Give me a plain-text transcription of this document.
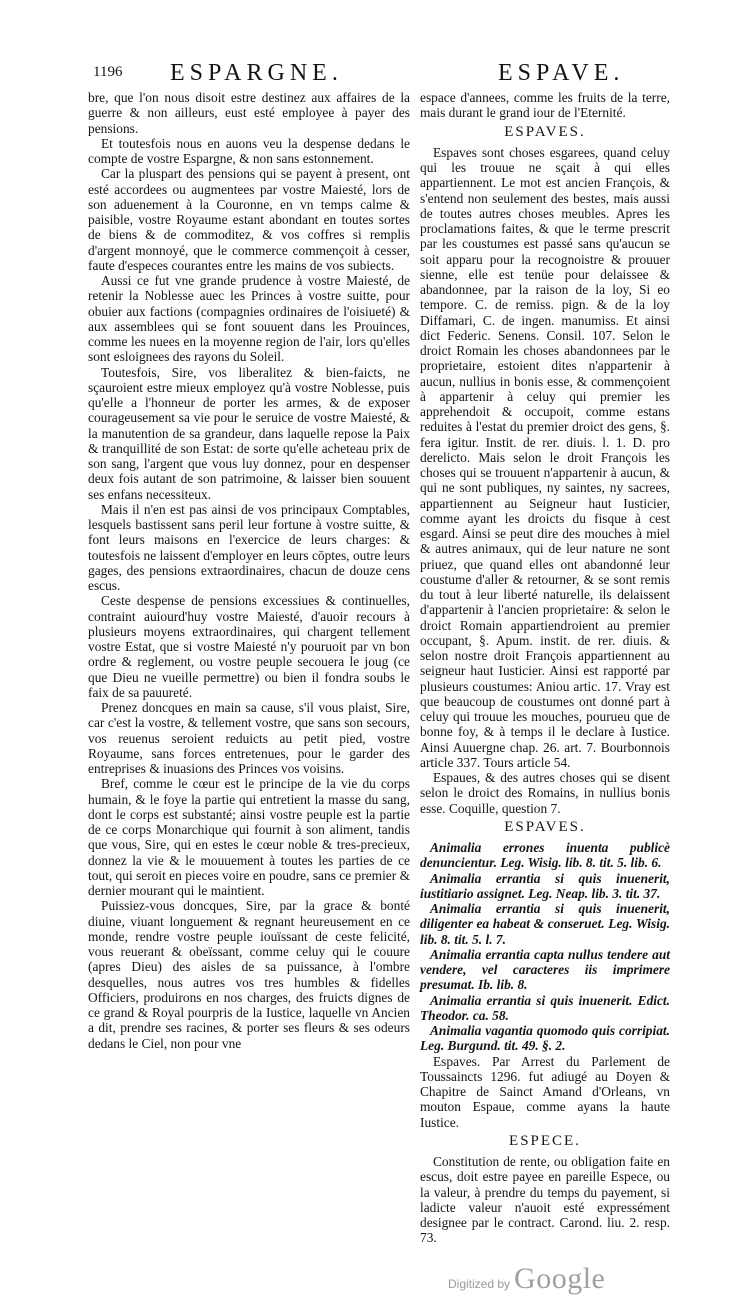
1196 ESPARGNE.	ESPAVE.

bre, que l'on nous disoit estre destinez aux affaires de la guerre & non ailleurs, eust esté employee à payer des pensions.

Et toutesfois nous en auons veu la despense dedans le compte de vostre Espargne, & non sans estonnement.

Car la pluspart des pensions qui se payent à present, ont esté accordees ou augmentees par vostre Maiesté, lors de son aduenement à la Couronne, en vn temps calme & paisible, vostre Royaume estant abondant en toutes sortes de biens & de commoditez, & vos coffres si remplis d'argent monnoyé, que le commerce commençoit à cesser, faute d'especes courantes entre les mains de vos subiects.

Aussi ce fut vne grande prudence à vostre Maiesté, de retenir la Noblesse auec les Princes à vostre suitte, pour obuier aux factions (compagnies ordinaires de l'oisiueté) & aux assemblees qui se font souuent dans les Prouinces, comme les nuees en la moyenne region de l'air, lors qu'elles sont esloignees des rayons du Soleil.

Toutesfois, Sire, vos liberalitez & bien-faicts, ne sçauroient estre mieux employez qu'à vostre Noblesse, puis qu'elle a l'honneur de porter les armes, & de exposer courageusement sa vie pour le seruice de vostre Maiesté, & la manutention de sa grandeur, dans laquelle repose la Paix & tranquillité de son Estat: de sorte qu'elle acheteau prix de son sang, l'argent que vous luy donnez, pour en despenser deux fois autant de son patrimoine, & laisser bien souuent ses enfans necessiteux.

Mais il n'en est pas ainsi de vos principaux Comptables, lesquels bastissent sans peril leur fortune à vostre suitte, & font leurs maisons en l'exercice de leurs charges: & toutesfois ne laissent d'employer en leurs cōptes, outre leurs gages, des pensions extraordinaires, chacun de douze cens escus.

Ceste despense de pensions excessiues & continuelles, contraint auiourd'huy vostre Maiesté, d'auoir recours à plusieurs moyens extraordinaires, qui chargent tellement vostre Estat, que si vostre Maiesté n'y pouruoit par vn bon ordre & reglement, ou vostre peuple secouera le joug (ce que Dieu ne vueille permettre) ou bien il fondra soubs le faix de sa pauureté.

Prenez doncques en main sa cause, s'il vous plaist, Sire, car c'est la vostre, & tellement vostre, que sans son secours, vos reuenus seroient reduicts au petit pied, vostre Royaume, sans forces entretenues, pour le garder des entreprises & inuasions des Princes vos voisins.

Bref, comme le cœur est le principe de la vie du corps humain, & le foye la partie qui entretient la masse du sang, dont le corps est substanté; ainsi vostre peuple est la partie de ce corps Monarchique qui fournit à son aliment, tandis que vous, Sire, qui en estes le cœur noble & tres-precieux, donnez la vie & le mouuement à toutes les parties de ce tout, qui seroit en pieces voire en poudre, sans ce premier & dernier mourant qui le maintient.

Puissiez-vous doncques, Sire, par la grace & bonté diuine, viuant longuement & regnant heureusement en ce monde, rendre vostre peuple iouïssant de ceste felicité, vous reuerant & obeïssant, comme celuy qui le couure (apres Dieu) des aisles de sa puissance, à l'ombre desquelles, nous autres vos tres humbles & fidelles Officiers, produirons en nos charges, des fruicts dignes de ce grand & Royal pourpris de la Iustice, laquelle vn Ancien a dit, prendre ses racines, & porter ses fleurs & ses odeurs dedans le Ciel, non pour vne

espace d'annees, comme les fruits de la terre, mais durant le grand iour de l'Eternité.

ESPAVES.

Espaves sont choses esgarees, quand celuy qui les trouue ne sçait à qui elles appartiennent. Le mot est ancien François, & s'entend non seulement des bestes, mais aussi de toutes autres choses meubles. Apres les proclamations faites, & que le terme prescrit par les coustumes est passé sans qu'aucun se soit apparu pour la recognoistre & prouuer sienne, elle est tenüe pour delaissee & abandonnee, par la raison de la loy, Si eo tempore. C. de remiss. pign. & de la loy Diffamari, C. de ingen. manumiss. Et ainsi dict Federic. Senens. Consil. 107. Selon le droict Romain les choses abandonnees par le proprietaire, estoient dites n'appartenir à aucun, nullius in bonis esse, & commençoient à appartenir à celuy qui premier les apprehendoit & occupoit, comme estans reduites à l'estat du premier droict des gens, §. fera igitur. Instit. de rer. diuis. l. 1. D. pro derelicto. Mais selon le droit François les choses qui se trouuent n'appartenir à aucun, & qui ne sont publiques, ny saintes, ny sacrees, appartiennent au Seigneur haut Iusticier, comme ayant les droicts du fisque à cest esgard. Ainsi se peut dire des mouches à miel & autres animaux, qui de leur nature ne sont priuez, que quand elles ont abandonné leur coustume d'aller & retourner, & se sont remis du tout à leur liberté naturelle, ils delaissent d'appartenir à l'ancien proprietaire: & selon le droict Romain appartiendroient au premier occupant, §. Apum. instit. de rer. diuis. & selon nostre droit François appartiennent au seigneur haut Iusticier. Ainsi est rapporté par plusieurs coustumes: Aniou artic. 17. Vray est que beaucoup de coustumes ont donné part à celuy qui trouue les mouches, pourueu que de bonne foy, & à temps il le declare à Iustice. Ainsi Auuergne chap. 26. art. 7. Bourbonnois article 337. Tours article 54.

Espaues, & des autres choses qui se disent selon le droict des Romains, in nullius bonis esse. Coquille, question 7.

ESPAVES.

Animalia errones inuenta publicè denuncientur. Leg. Wisig. lib. 8. tit. 5. lib. 6.

Animalia errantia si quis inuenerit, iustitiario assignet. Leg. Neap. lib. 3. tit. 37.

Animalia errantia si quis inuenerit, diligenter ea habeat & conseruet. Leg. Wisig. lib. 8. tit. 5. l. 7.

Animalia errantia capta nullus tendere aut vendere, vel caracteres iis imprimere presumat. Ib. lib. 8.

Animalia errantia si quis inuenerit. Edict. Theodor. ca. 58.

Animalia vagantia quomodo quis corripiat. Leg. Burgund. tit. 49. §. 2.

Espaves. Par Arrest du Parlement de Toussaincts 1296. fut adiugé au Doyen & Chapitre de Sainct Amand d'Orleans, vn mouton Espaue, comme ayans la haute Iustice.

ESPECE.

Constitution de rente, ou obligation faite en escus, doit estre payee en pareille Espece, ou la valeur, à prendre du temps du payement, si ladicte valeur n'auoit esté expressément designee par le contract. Carond. liu. 2. resp. 73.

Digitized by Google
